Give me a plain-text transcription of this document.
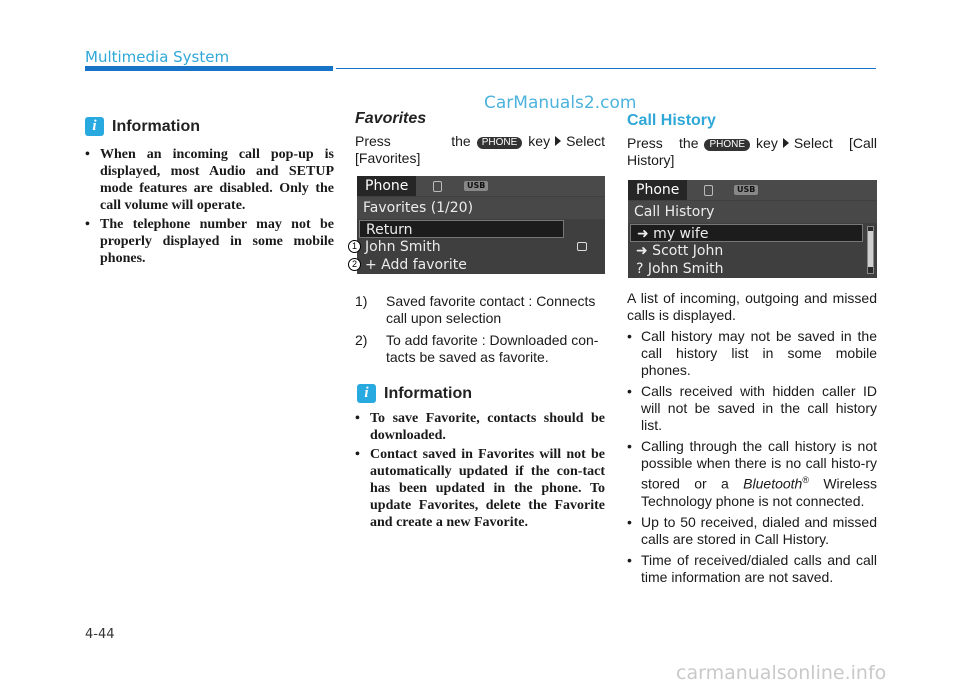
Multimedia System
CarManuals2.com
i Information
• When an incoming call pop-up is displayed, most Audio and SETUP mode features are disabled. Only the call volume will operate.
• The telephone number may not be properly displayed in some mobile phones.
Favorites
Press the PHONE key Select [Favorites]
Phone	USB
Favorites (1/20)
Return
John Smith
+ Add favorite
1
2
1) Saved favorite contact : Connects call upon selection
2) To add favorite : Downloaded con-tacts be saved as favorite.
i Information
• To save Favorite, contacts should be downloaded.
• Contact saved in Favorites will not be automatically updated if the con-tact has been updated in the phone. To update Favorites, delete the Favorite and create a new Favorite.
Call History
Press the PHONE key Select [Call History]
Phone	USB
Call History
➜ my wife
➜ Scott John
? John Smith
A list of incoming, outgoing and missed calls is displayed.
• Call history may not be saved in the call history list in some mobile phones.
• Calls received with hidden caller ID will not be saved in the call history list.
• Calling through the call history is not possible when there is no call histo-ry stored or a Bluetooth® Wireless Technology phone is not connected.
• Up to 50 received, dialed and missed calls are stored in Call History.
• Time of received/dialed calls and call time information are not saved.
4-44
carmanualsonline.info
